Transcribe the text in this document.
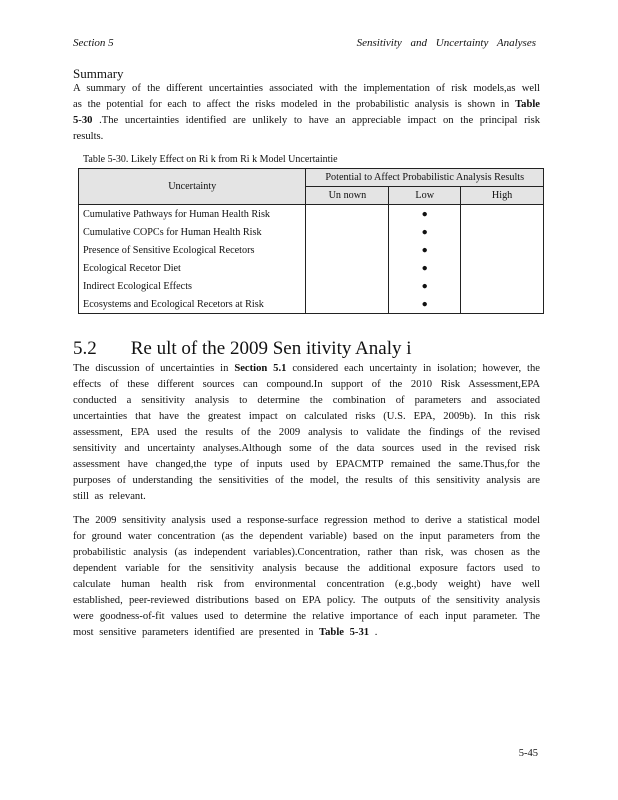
Section 5	Sensitivity and Uncertainty Analyses
Summary
A summary of the different uncertainties associated with the implementation of risk models,as well as the potential for each to affect the risks modeled in the probabilistic analysis is shown in Table 5-30 .The uncertainties identified are unlikely to have an appreciable impact on the principal risk results.
Table 5-30. Likely Effect on Ri k from Ri k Model Uncertaintie
Uncertainty	Potential to Affect Probabilistic Analysis Results		
	Un nown	Low	High
Cumulative Pathways for Human Health Risk		●	
Cumulative COPCs for Human Health Risk		●	
Presence of Sensitive Ecological Recetors		●	
Ecological Recetor Diet		●	
Indirect Ecological Effects		●	
Ecosystems and Ecological Recetors at Risk		●	
5.2 Re ult of the 2009 Sen itivity Analy i
The discussion of uncertainties in Section 5.1 considered each uncertainty in isolation; however, the effects of these different sources can compound.In support of the 2010 Risk Assessment,EPA conducted a sensitivity analysis to determine the combination of parameters and associated uncertainties that have the greatest impact on calculated risks (U.S. EPA, 2009b). In this risk assessment, EPA used the results of the 2009 analysis to validate the findings of the revised sensitivity and uncertainty analyses.Although some of the data sources used in the revised risk assessment have changed,the type of inputs used by EPACMTP remained the same.Thus,for the purposes of understanding the sensitivities of the model, the results of this sensitivity analysis are still as relevant.
The 2009 sensitivity analysis used a response-surface regression method to derive a statistical model for ground water concentration (as the dependent variable) based on the input parameters from the probabilistic analysis (as independent variables).Concentration, rather than risk, was chosen as the dependent variable for the sensitivity analysis because the additional exposure factors used to calculate human health risk from environmental concentration (e.g.,body weight) have well established, peer-reviewed distributions based on EPA policy. The outputs of the sensitivity analysis were goodness-of-fit values used to determine the relative importance of each input parameter. The most sensitive parameters identified are presented in Table 5-31 .
5-45
